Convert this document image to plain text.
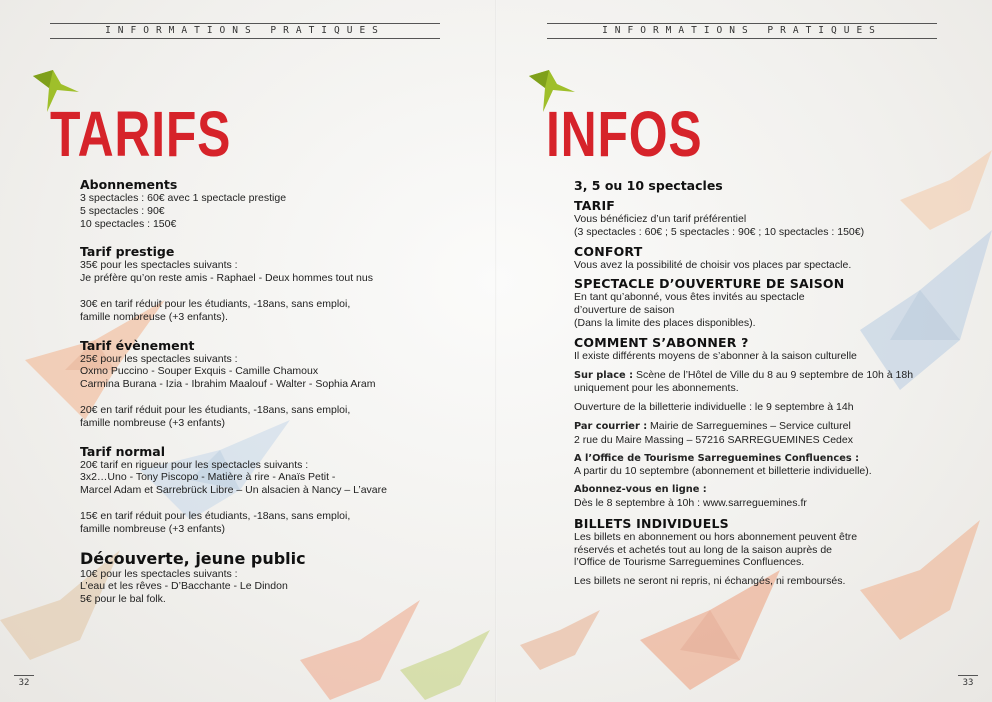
INFORMATIONS PRATIQUES	INFORMATIONS PRATIQUES
TARIFS	INFOS
Abonnements
3 spectacles : 60€ avec 1 spectacle prestige
5 spectacles : 90€
10 spectacles : 150€
Tarif prestige
35€ pour les spectacles suivants :
Je préfère qu’on reste amis - Raphael - Deux hommes tout nus
30€ en tarif réduit pour les étudiants, -18ans, sans emploi,
famille nombreuse (+3 enfants).
Tarif évènement
25€ pour les spectacles suivants :
Oxmo Puccino - Souper Exquis - Camille Chamoux
Carmina Burana - Izia - Ibrahim Maalouf - Walter - Sophia Aram
20€ en tarif réduit pour les étudiants, -18ans, sans emploi,
famille nombreuse (+3 enfants)
Tarif normal
20€ tarif en rigueur pour les spectacles suivants :
3x2…Uno - Tony Piscopo - Matière à rire - Anaïs Petit -
Marcel Adam et Sarrebrück Libre – Un alsacien à Nancy – L’avare
15€ en tarif réduit pour les étudiants, -18ans, sans emploi,
famille nombreuse (+3 enfants)
Découverte, jeune public
10€ pour les spectacles suivants :
L’eau et les rêves - D’Bacchante - Le Dindon
5€ pour le bal folk.
3, 5 ou 10 spectacles
TARIF
Vous bénéficiez d’un tarif préférentiel
(3 spectacles : 60€ ; 5 spectacles : 90€ ; 10 spectacles : 150€)
CONFORT
Vous avez la possibilité de choisir vos places par spectacle.
SPECTACLE D’OUVERTURE DE SAISON
En tant qu’abonné, vous êtes invités au spectacle
d’ouverture de saison
(Dans la limite des places disponibles).
COMMENT S’ABONNER ?
Il existe différents moyens de s’abonner à la saison culturelle
Sur place : Scène de l’Hôtel de Ville du 8 au 9 septembre de 10h à 18h
uniquement pour les abonnements.
Ouverture de la billetterie individuelle : le 9 septembre à 14h
Par courrier : Mairie de Sarreguemines – Service culturel
2 rue du Maire Massing – 57216 SARREGUEMINES Cedex
A l’Office de Tourisme Sarreguemines Confluences :
A partir du 10 septembre (abonnement et billetterie individuelle).
Abonnez-vous en ligne :
Dès le 8 septembre à 10h : www.sarreguemines.fr
BILLETS INDIVIDUELS
Les billets en abonnement ou hors abonnement peuvent être
réservés et achetés tout au long de la saison auprès de
l’Office de Tourisme Sarreguemines Confluences.
Les billets ne seront ni repris, ni échangés, ni remboursés.
32	33
